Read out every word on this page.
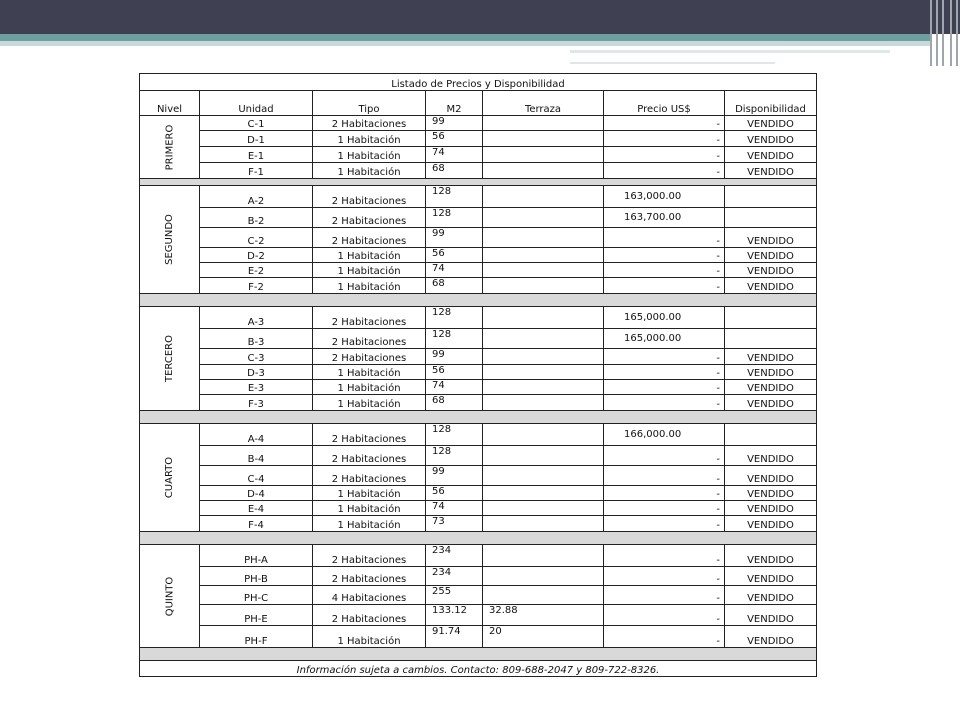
Listado de Precios y Disponibilidad						
Nivel	Unidad	Tipo	M2	Terraza	Precio US$	Disponibilidad
PRIMERO	C-1	2 Habitaciones	99		-	VENDIDO
	D-1	1 Habitación	56		-	VENDIDO
	E-1	1 Habitación	74		-	VENDIDO
	F-1	1 Habitación	68		-	VENDIDO

SEGUNDO	A-2	2 Habitaciones	128		163,000.00	
	B-2	2 Habitaciones	128		163,700.00	
	C-2	2 Habitaciones	99		-	VENDIDO
	D-2	1 Habitación	56		-	VENDIDO
	E-2	1 Habitación	74		-	VENDIDO
	F-2	1 Habitación	68		-	VENDIDO

TERCERO	A-3	2 Habitaciones	128		165,000.00	
	B-3	2 Habitaciones	128		165,000.00	
	C-3	2 Habitaciones	99		-	VENDIDO
	D-3	1 Habitación	56		-	VENDIDO
	E-3	1 Habitación	74		-	VENDIDO
	F-3	1 Habitación	68		-	VENDIDO

CUARTO	A-4	2 Habitaciones	128		166,000.00	
	B-4	2 Habitaciones	128		-	VENDIDO
	C-4	2 Habitaciones	99		-	VENDIDO
	D-4	1 Habitación	56		-	VENDIDO
	E-4	1 Habitación	74		-	VENDIDO
	F-4	1 Habitación	73		-	VENDIDO

QUINTO	PH-A	2 Habitaciones	234		-	VENDIDO
	PH-B	2 Habitaciones	234		-	VENDIDO
	PH-C	4 Habitaciones	255		-	VENDIDO
	PH-E	2 Habitaciones	133.12	32.88	-	VENDIDO
	PH-F	1 Habitación	91.74	20	-	VENDIDO

Información sujeta a cambios. Contacto: 809-688-2047 y 809-722-8326.						
